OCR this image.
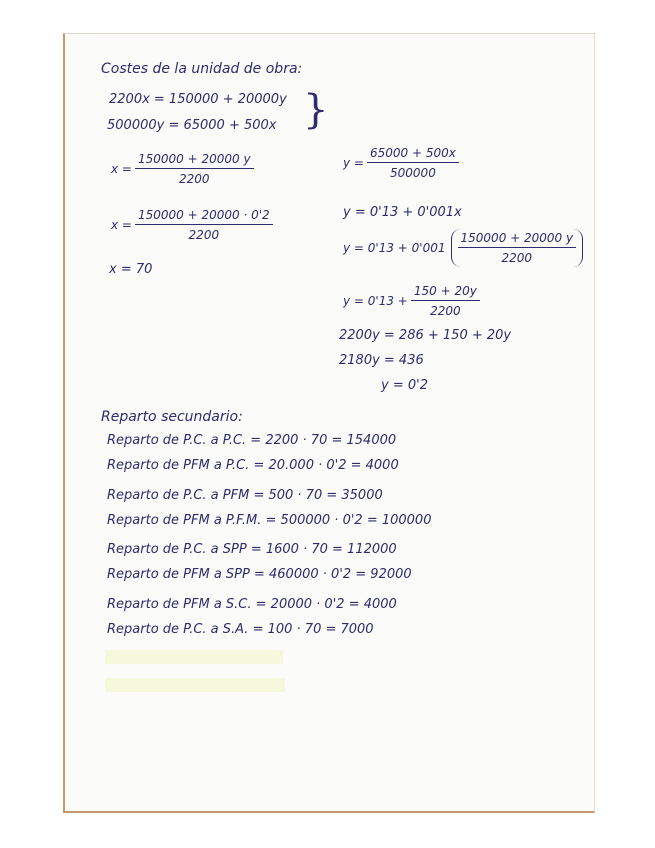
Costes de la unidad de obra:
2200x = 150000 + 20000y
500000y = 65000 + 500x }
$x = \frac{150000 + 20000 y}{2200}$
$x = \frac{150000 + 20000 \cdot 0'2}{2200}$
x = 70
$y = \frac{65000 + 500x}{500000}$
y = 0'13 + 0'001x
$y = 0'13 + 0'001 \frac{150000 + 20000 y}{2200}$
$y = 0'13 + \frac{150 + 20y}{2200}$
2200y = 286 + 150 + 20y
2180y = 436
y = 0'2
Reparto secundario:
Reparto de P.C. a P.C. = 2200 · 70 = 154000
Reparto de PFM a P.C. = 20.000 · 0'2 = 4000
Reparto de P.C. a PFM = 500 · 70 = 35000
Reparto de PFM a P.F.M. = 500000 · 0'2 = 100000
Reparto de P.C. a SPP = 1600 · 70 = 112000
Reparto de PFM a SPP = 460000 · 0'2 = 92000
Reparto de PFM a S.C. = 20000 · 0'2 = 4000
Reparto de P.C. a S.A. = 100 · 70 = 7000
